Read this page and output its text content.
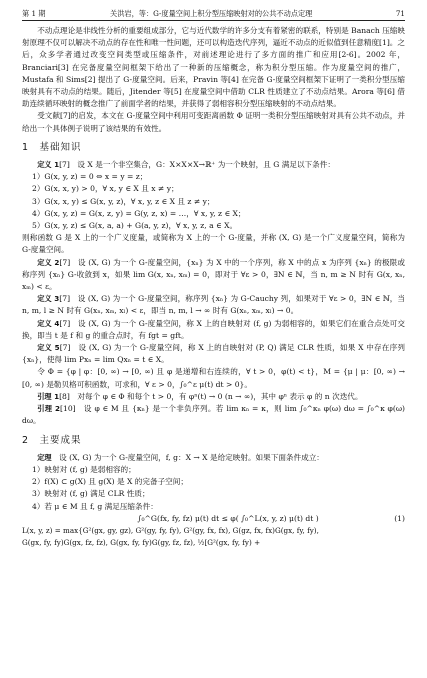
第 1 期	关洪岩，等：G-度量空间上积分型压缩映射对的公共不动点定理	71

不动点理论是非线性分析的重要组成部分，它与近代数学的许多分支有着紧密的联系，特别是 Banach 压缩映射原理不仅可以解决不动点的存在性和唯一性问题，还可以构造迭代序列，逼近不动点的近似值到任意精度[1]。之后，众多学者通过改变空间类型或压缩条件，对前述理论进行了多方面的推广和应用[2-6]。2002 年，Branciari[3] 在完备度量空间框架下给出了一种新的压缩概念，称为积分型压缩。作为度量空间的推广，Mustafa 和 Sims[2] 提出了 G-度量空间。后来，Pravin 等[4] 在完备 G-度量空间框架下证明了一类积分型压缩映射具有不动点的结果。随后，Jitender 等[5] 在度量空间中借助 CLR 性质建立了不动点结果。Arora 等[6] 借助连续循环映射的概念推广了前面学者的结果，并获得了弱相容积分型压缩映射的不动点结果。

受文献[7]的启发，本文在 G-度量空间中利用可变距离函数 Φ 证明一类积分型压缩映射对具有公共不动点，并给出一个具体例子说明了该结果的有效性。

1　基础知识

定义 1[7]　设 X 是一个非空集合，G：X×X×X→ℝ⁺ 为一个映射，且 G 满足以下条件：

1）G(x, y, z) = 0 ⇔ x = y = z；
2）G(x, x, y) > 0，∀ x, y ∈ X 且 x ≠ y；
3）G(x, x, y) ≤ G(x, y, z)，∀ x, y, z ∈ X 且 z ≠ y；
4）G(x, y, z) = G(x, z, y) = G(y, z, x) = …，∀ x, y, z ∈ X；
5）G(x, y, z) ≤ G(x, a, a) + G(a, y, z)，∀ x, y, z, a ∈ X。

则称函数 G 是 X 上的一个广义度量，或简称为 X 上的一个 G-度量，并称 (X, G) 是一个广义度量空间，简称为 G-度量空间。

定义 2[7]　设 (X, G) 为一个 G-度量空间，{xₙ} 为 X 中的一个序列，称 X 中的点 x 为序列 {xₙ} 的极限或称序列 {xₙ} G-收敛到 x，如果 lim G(x, xₙ, xₘ) = 0，即对于 ∀ε > 0，∃N ∈ ℕ，当 n, m ≥ N 时有 G(x, xₙ, xₘ) < ε。

定义 3[7]　设 (X, G) 为一个 G-度量空间，称序列 {xₙ} 为 G-Cauchy 列，如果对于 ∀ε > 0，∃N ∈ ℕ，当 n, m, l ≥ N 时有 G(xₙ, xₘ, xₗ) < ε，即当 n, m, l → ∞ 时有 G(xₙ, xₘ, xₗ) → 0。

定义 4[7]　设 (X, G) 为一个 G-度量空间，称 X 上的自映射对 (f, g) 为弱相容的，如果它们在重合点处可交换，即当 t 是 f 和 g 的重合点时，有 fgt = gft。

定义 5[7]　设 (X, G) 为一个 G-度量空间，称 X 上的自映射对 (P, Q) 满足 CLR 性质，如果 X 中存在序列 {xₙ}，使得 lim Pxₙ = lim Qxₙ = t ∈ X。

令 Φ = {φ | φ：[0, ∞) → [0, ∞) 且 φ 是递增和右连续的，∀ t > 0，φ(t) < t}，M = {μ | μ：[0, ∞) → [0, ∞) 是勒贝格可积函数，可求和，∀ ε > 0，∫₀^ε μ(t) dt > 0}。

引理 1[8]　对每个 φ ∈ Φ 和每个 t > 0，有 φⁿ(t) → 0 (n → ∞)，其中 φⁿ 表示 φ 的 n 次迭代。

引理 2[10]　设 φ ∈ M 且 {κₙ} 是一个非负序列。若 lim κₙ = κ，则 lim ∫₀^κₙ φ(ω) dω = ∫₀^κ φ(ω) dω。

2　主要成果

定理　 设 (X, G) 为一个 G-度量空间，f, g：X → X 是给定映射。如果下面条件成立：

1）映射对 (f, g) 是弱相容的；
2）f(X) ⊂ g(X) 且 g(X) 是 X 的完备子空间；
3）映射对 (f, g) 满足 CLR 性质；
4）若 μ ∈ M 且 f, g 满足压缩条件：
∫₀^G(fx, fy, fz) μ(t) dt ≤ φ( ∫₀^L(x, y, z) μ(t) dt )	(1)
L(x, y, z) = max{G²(gx, gy, gz), G²(gy, fy, fy), G²(gy, fx, fx), G(gz, fx, fx)G(gx, fy, fy),
G(gx, fy, fy)G(gx, fz, fz), G(gx, fy, fy)G(gy, fz, fz), ½[G²(gx, fy, fy) +
